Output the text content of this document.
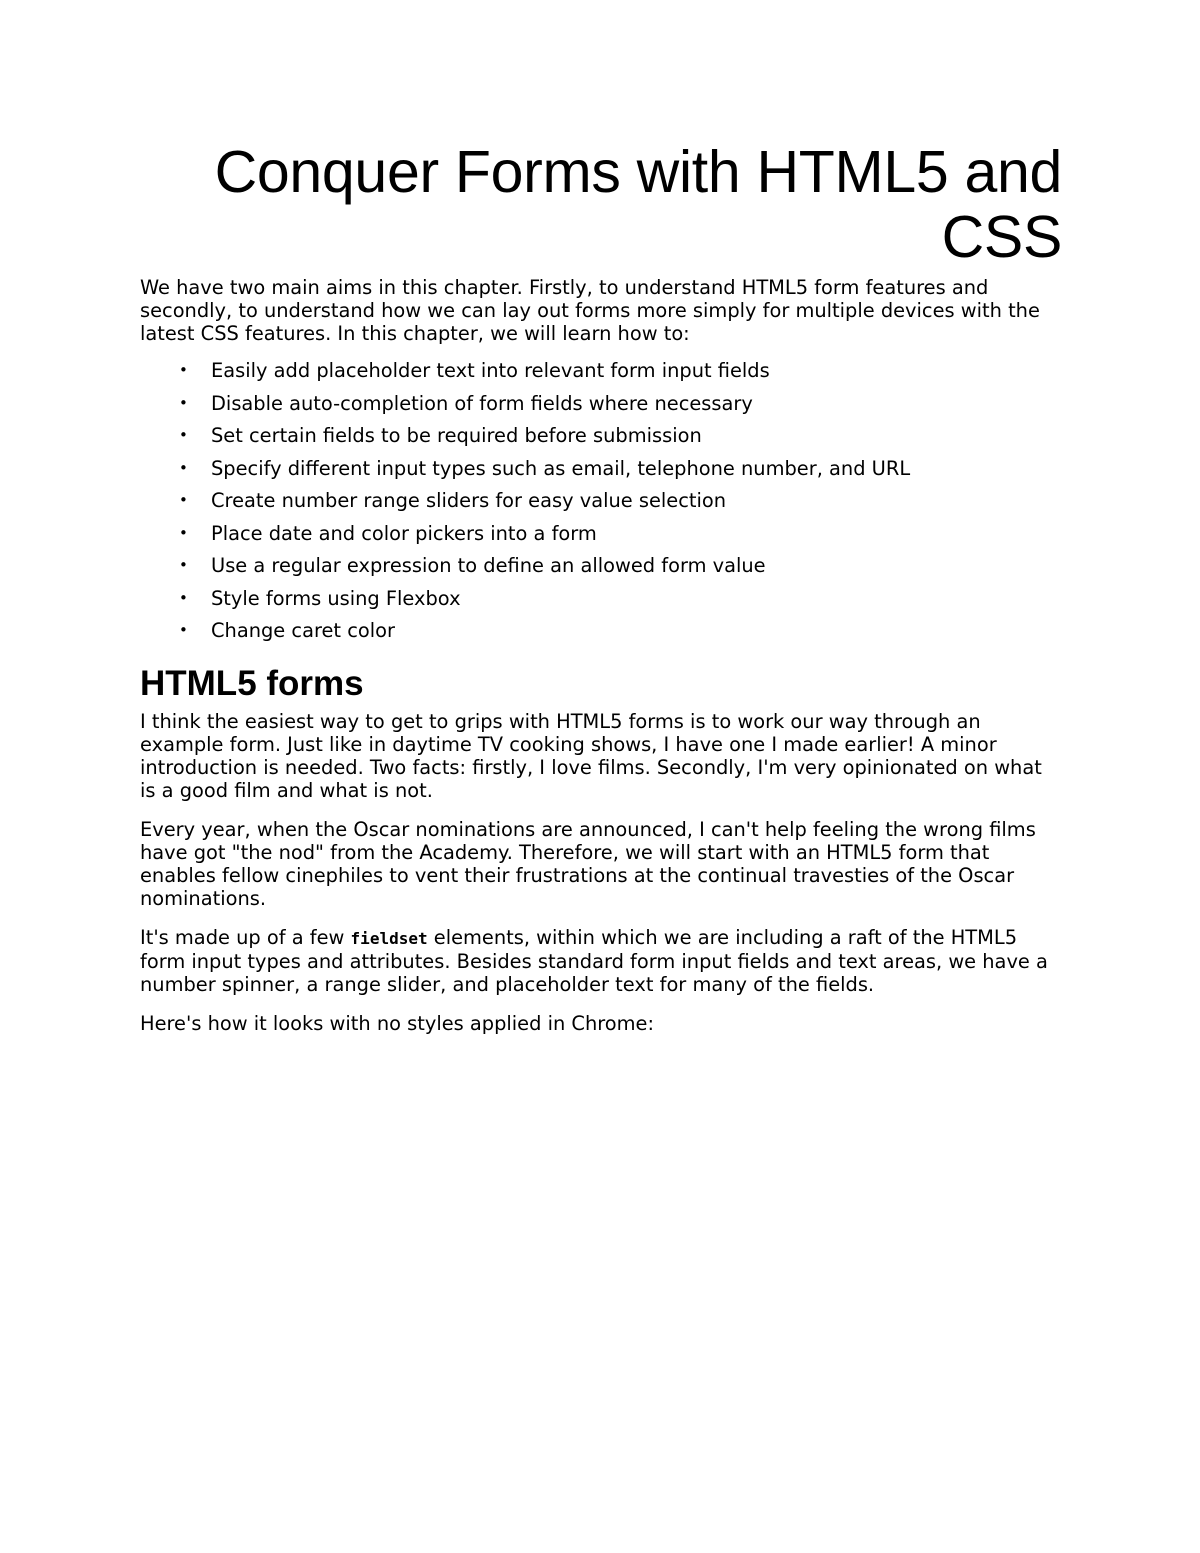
Conquer Forms with HTML5 and CSS

We have two main aims in this chapter. Firstly, to understand HTML5 form features and secondly, to understand how we can lay out forms more simply for multiple devices with the latest CSS features. In this chapter, we will learn how to:

• Easily add placeholder text into relevant form input fields
• Disable auto-completion of form fields where necessary
• Set certain fields to be required before submission
• Specify different input types such as email, telephone number, and URL
• Create number range sliders for easy value selection
• Place date and color pickers into a form
• Use a regular expression to define an allowed form value
• Style forms using Flexbox
• Change caret color
HTML5 forms

I think the easiest way to get to grips with HTML5 forms is to work our way through an example form. Just like in daytime TV cooking shows, I have one I made earlier! A minor introduction is needed. Two facts: firstly, I love films. Secondly, I'm very opinionated on what is a good film and what is not.

Every year, when the Oscar nominations are announced, I can't help feeling the wrong films have got "the nod" from the Academy. Therefore, we will start with an HTML5 form that enables fellow cinephiles to vent their frustrations at the continual travesties of the Oscar nominations.

It's made up of a few fieldset elements, within which we are including a raft of the HTML5 form input types and attributes. Besides standard form input fields and text areas, we have a number spinner, a range slider, and placeholder text for many of the fields.

Here's how it looks with no styles applied in Chrome:
